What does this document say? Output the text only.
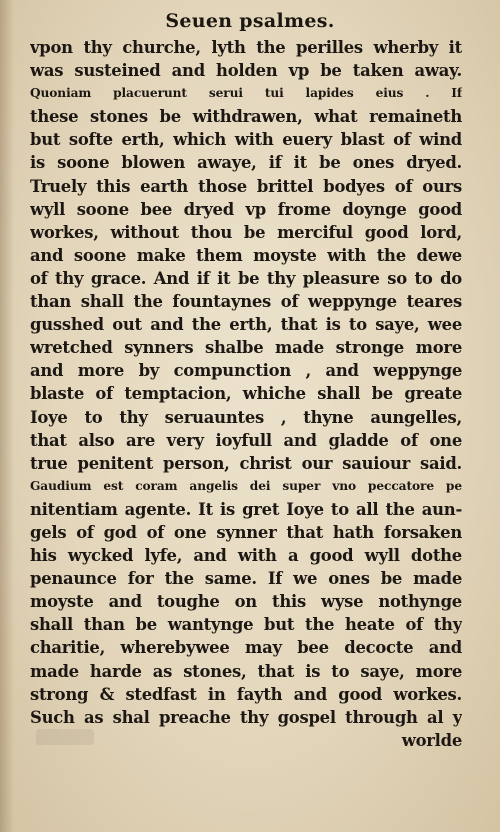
Seuen psalmes.
vpon thy churche, lyth the perilles wherby it
was susteined and holden vp be taken away.
Quoniam placuerunt serui tui lapides eius . If
these stones be withdrawen, what remaineth
but softe erth, which with euery blast of wind
is soone blowen awaye, if it be ones dryed.
Truely this earth those brittel bodyes of ours
wyll soone bee dryed vp frome doynge good
workes, without thou be merciful good lord,
and soone make them moyste with the dewe
of thy grace. And if it be thy pleasure so to do
than shall the fountaynes of weppynge teares
gusshed out and the erth, that is to saye, wee
wretched synners shalbe made stronge more
and more by compunction , and weppynge
blaste of temptacion, whiche shall be greate
Ioye to thy seruauntes , thyne aungelles,
that also are very ioyfull and gladde of one
true penitent person, christ our sauiour said.
Gaudium est coram angelis dei super vno peccatore pe
nitentiam agente. It is gret Ioye to all the aun-
gels of god of one synner that hath forsaken
his wycked lyfe, and with a good wyll dothe
penaunce for the same. If we ones be made
moyste and toughe on this wyse nothynge
shall than be wantynge but the heate of thy
charitie, wherebywee may bee decocte and
made harde as stones, that is to saye, more
strong & stedfast in fayth and good workes.
Such as shal preache thy gospel through al y
worlde
